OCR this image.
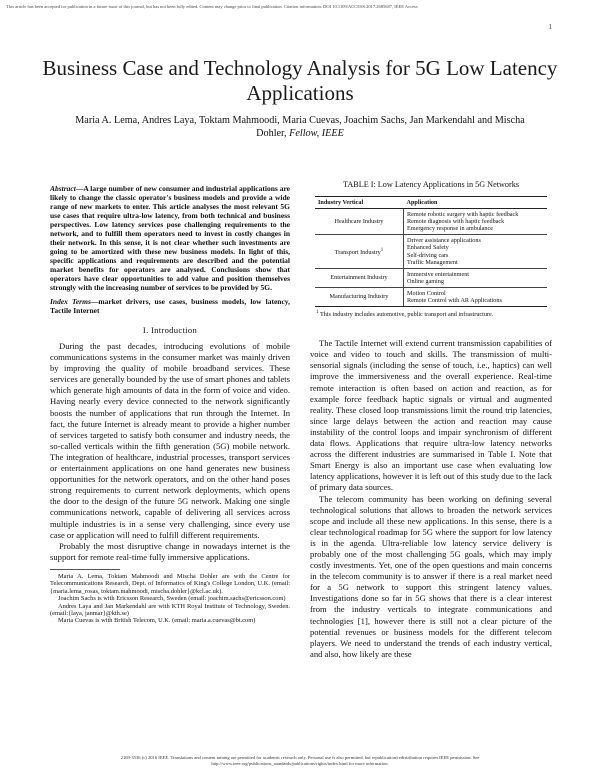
This article has been accepted for publication in a future issue of this journal, but has not been fully edited. Content may change prior to final publication. Citation information: DOI 10.1109/ACCESS.2017.2685687, IEEE Access
1
Business Case and Technology Analysis for 5G Low Latency Applications
Maria A. Lema, Andres Laya, Toktam Mahmoodi, Maria Cuevas, Joachim Sachs, Jan Markendahl and Mischa Dohler, Fellow, IEEE

Abstract—A large number of new consumer and industrial applications are likely to change the classic operator's business models and provide a wide range of new markets to enter. This article analyses the most relevant 5G use cases that require ultra-low latency, from both technical and business perspectives. Low latency services pose challenging requirements to the network, and to fulfill them operators need to invest in costly changes in their network. In this sense, it is not clear whether such investments are going to be amortized with these new business models. In light of this, specific applications and requirements are described and the potential market benefits for operators are analysed. Conclusions show that operators have clear opportunities to add value and position themselves strongly with the increasing number of services to be provided by 5G.

Index Terms—market drivers, use cases, business models, low latency, Tactile Internet

I. Introduction

During the past decades, introducing evolutions of mobile communications systems in the consumer market was mainly driven by improving the quality of mobile broadband services. These services are generally bounded by the use of smart phones and tablets which generate high amounts of data in the form of voice and video. Having nearly every device connected to the network significantly boosts the number of applications that run through the Internet. In fact, the future Internet is already meant to provide a higher number of services targeted to satisfy both consumer and industry needs, the so-called verticals within the fifth generation (5G) mobile network. The integration of healthcare, industrial processes, transport services or entertainment applications on one hand generates new business opportunities for the network operators, and on the other hand poses strong requirements to current network deployments, which opens the door to the design of the future 5G network. Making one single communications network, capable of delivering all services across multiple industries is in a sense very challenging, since every use case or application will need to fulfill different requirements.

Probably the most disruptive change in nowadays internet is the support for remote real-time fully immersive applications.

Maria A. Lema, Toktam Mahmoodi and Mischa Dohler are with the Centre for Telecommunications Research, Dept. of Informatics of King's College London, U.K. (email:{maria.lema_rosas, toktam.mahmoodi, mischa.dohler}@kcl.ac.uk).

Joachim Sachs is with Ericsson Research, Sweden (email: joachim.sachs@ericsson.com)

Andres Laya and Jan Markendahl are with KTH Royal Institute of Technology, Sweden. (email:{laya, janmar}@kth.se)

Maria Cuevas is with British Telecom, U.K. (email: maria.a.cuevas@bt.com)

TABLE I: Low Latency Applications in 5G Networks
Industry Vertical	Application
Healthcare Industry	Remote robotic surgery with haptic feedback
Remote diagnosis with haptic feedback
Emergency response in ambulance

Transport Industry$^1$	Driver assistance applications
Enhanced Safety
Self-driving cars
Traffic Management

Entertainment Industry	Immersive entertainment
Online gaming

Manufacturing Industry	Motion Control
Remote Control with AR Applications
$^1$ This industry includes automotive, public transport and infrastructure.

The Tactile Internet will extend current transmission capabilities of voice and video to touch and skills. The transmission of multi-sensorial signals (including the sense of touch, i.e., haptics) can well improve the immersiveness and the overall experience. Real-time remote interaction is often based on action and reaction, as for example force feedback haptic signals or virtual and augmented reality. These closed loop transmissions limit the round trip latencies, since large delays between the action and reaction may cause instability of the control loops and impair synchronism of different data flows. Applications that require ultra-low latency networks across the different industries are summarised in Table I. Note that Smart Energy is also an important use case when evaluating low latency applications, however it is left out of this study due to the lack of primary data sources.

The telecom community has been working on defining several technological solutions that allows to broaden the network services scope and include all these new applications. In this sense, there is a clear technological roadmap for 5G where the support for low latency is in the agenda. Ultra-reliable low latency service delivery is probably one of the most challenging 5G goals, which may imply costly investments. Yet, one of the open questions and main concerns in the telecom community is to answer if there is a real market need for a 5G network to support this stringent latency values. Investigations done so far in 5G shows that there is a clear interest from the industry verticals to integrate communications and technologies [1], however there is still not a clear picture of the potential revenues or business models for the different telecom players. We need to understand the trends of each industry vertical, and also, how likely are these

2169-3536 (c) 2016 IEEE. Translations and content mining are permitted for academic research only. Personal use is also permitted, but republication/redistribution requires IEEE permission. See
http://www.ieee.org/publications_standards/publications/rights/index.html for more information.
